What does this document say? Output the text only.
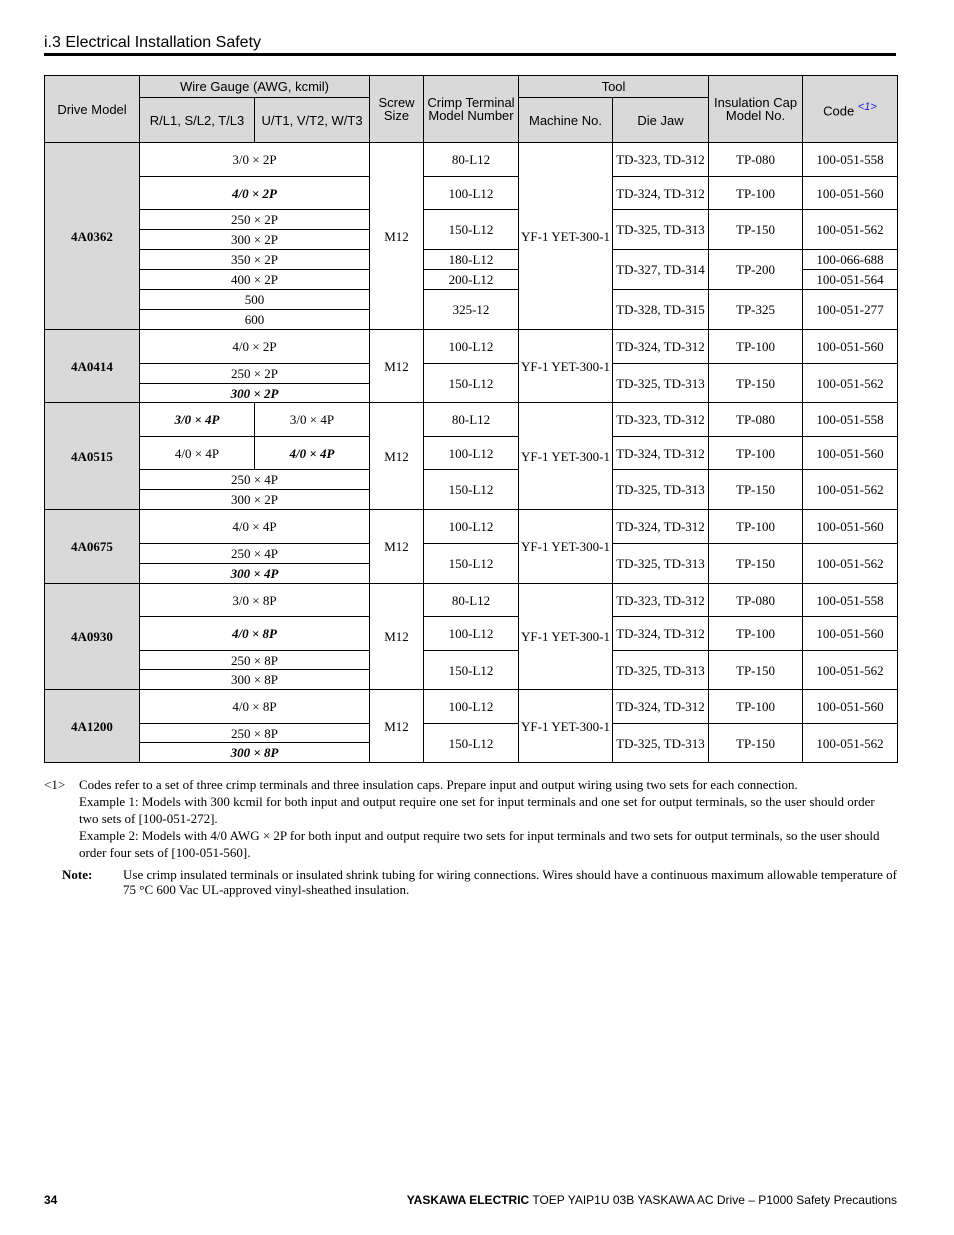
i.3 Electrical Installation Safety
Drive Model	Wire Gauge (AWG, kcmil)		Screw Size	Crimp Terminal Model Number	Tool		Insulation Cap Model No.	Code $^{<1>}$
	R/L1, S/L2, T/L3	U/T1, V/T2, W/T3			Machine No.	Die Jaw		
4A0362	3/0 × 2P		M12	80-L12	YF-1 YET-300-1	TD-323, TD-312	TP-080	100-051-558
	4/0 × 2P			100-L12		TD-324, TD-312	TP-100	100-051-560
	250 × 2P			150-L12		TD-325, TD-313	TP-150	100-051-562
	300 × 2P							
	350 × 2P			180-L12		TD-327, TD-314	TP-200	100-066-688
	400 × 2P			200-L12				100-051-564
	500			325-12		TD-328, TD-315	TP-325	100-051-277
	600							
4A0414	4/0 × 2P		M12	100-L12	YF-1 YET-300-1	TD-324, TD-312	TP-100	100-051-560
	250 × 2P			150-L12		TD-325, TD-313	TP-150	100-051-562
	300 × 2P							
4A0515	3/0 × 4P	3/0 × 4P	M12	80-L12	YF-1 YET-300-1	TD-323, TD-312	TP-080	100-051-558
	4/0 × 4P	4/0 × 4P		100-L12		TD-324, TD-312	TP-100	100-051-560
	250 × 4P			150-L12		TD-325, TD-313	TP-150	100-051-562
	300 × 2P							
4A0675	4/0 × 4P		M12	100-L12	YF-1 YET-300-1	TD-324, TD-312	TP-100	100-051-560
	250 × 4P			150-L12		TD-325, TD-313	TP-150	100-051-562
	300 × 4P							
4A0930	3/0 × 8P		M12	80-L12	YF-1 YET-300-1	TD-323, TD-312	TP-080	100-051-558
	4/0 × 8P			100-L12		TD-324, TD-312	TP-100	100-051-560
	250 × 8P			150-L12		TD-325, TD-313	TP-150	100-051-562
	300 × 8P							
4A1200	4/0 × 8P		M12	100-L12	YF-1 YET-300-1	TD-324, TD-312	TP-100	100-051-560
	250 × 8P			150-L12		TD-325, TD-313	TP-150	100-051-562
	300 × 8P							
<1> Codes refer to a set of three crimp terminals and three insulation caps. Prepare input and output wiring using two sets for each connection.
Example 1: Models with 300 kcmil for both input and output require one set for input terminals and one set for output terminals, so the user should order two sets of [100-051-272].
Example 2: Models with 4/0 AWG × 2P for both input and output require two sets for input terminals and two sets for output terminals, so the user should order four sets of [100-051-560].
Note: Use crimp insulated terminals or insulated shrink tubing for wiring connections. Wires should have a continuous maximum allowable temperature of 75 °C 600 Vac UL-approved vinyl-sheathed insulation.
34	YASKAWA ELECTRIC TOEP YAIP1U 03B YASKAWA AC Drive – P1000 Safety Precautions
